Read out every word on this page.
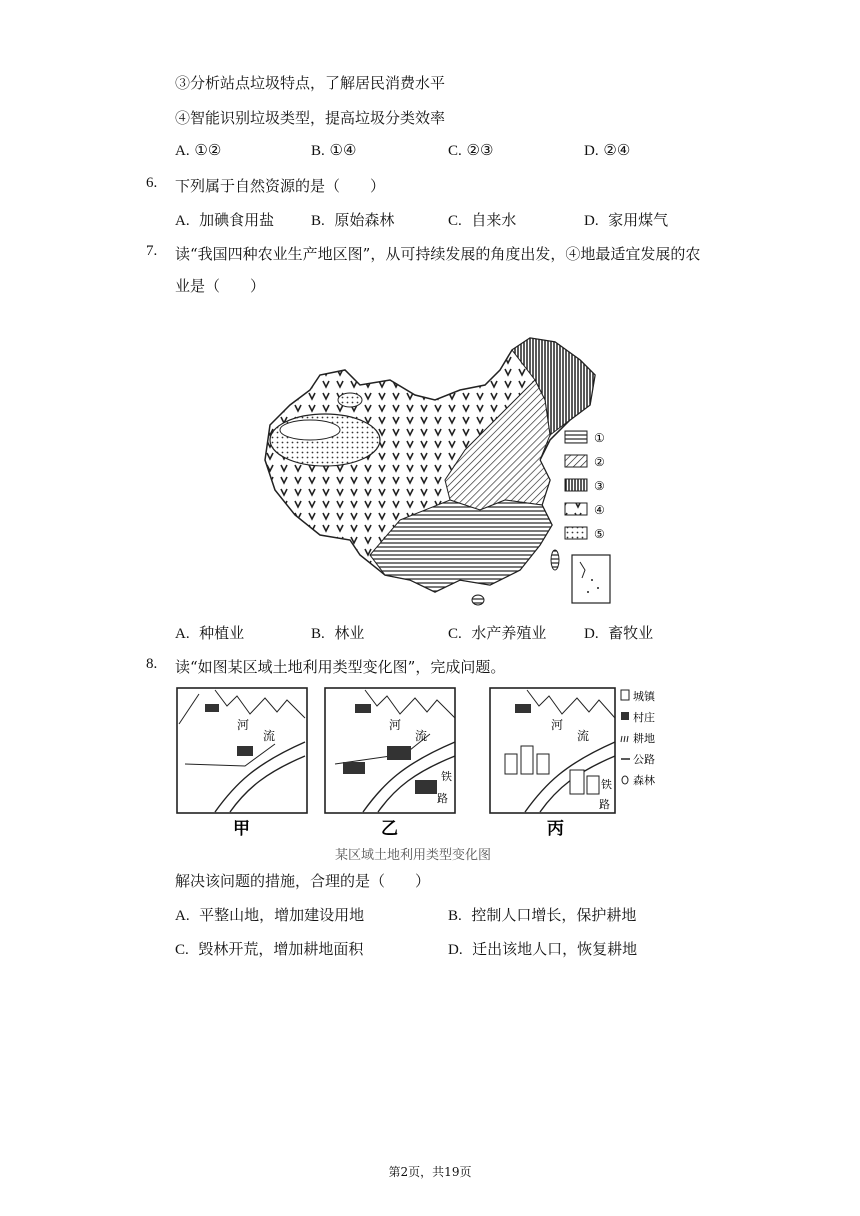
③分析站点垃圾特点，了解居民消费水平
④智能识别垃圾类型，提高垃圾分类效率
A. ①②	B. ①④	C. ②③	D. ②④
6. 下列属于自然资源的是（　　）
A. 加碘食用盐 B. 原始森林	C. 自来水	D. 家用煤气
7. 读“我国四种农业生产地区图”，从可持续发展的角度出发，④地最适宜发展的农
业是（　　）
①
②
③
④
⑤
A. 种植业	B. 林业	C. 水产养殖业	D. 畜牧业
8. 读“如图某区域土地利用类型变化图”，完成问题。
河
流
甲
河
流
铁
路
乙
河
流
铁
路
丙
城镇
村庄
耕地
公路
森林
某区域土地利用类型变化图
解决该问题的措施，合理的是（　　）
A. 平整山地，增加建设用地	B. 控制人口增长，保护耕地
C. 毁林开荒，增加耕地面积	D. 迁出该地人口，恢复耕地
第2页，共19页
